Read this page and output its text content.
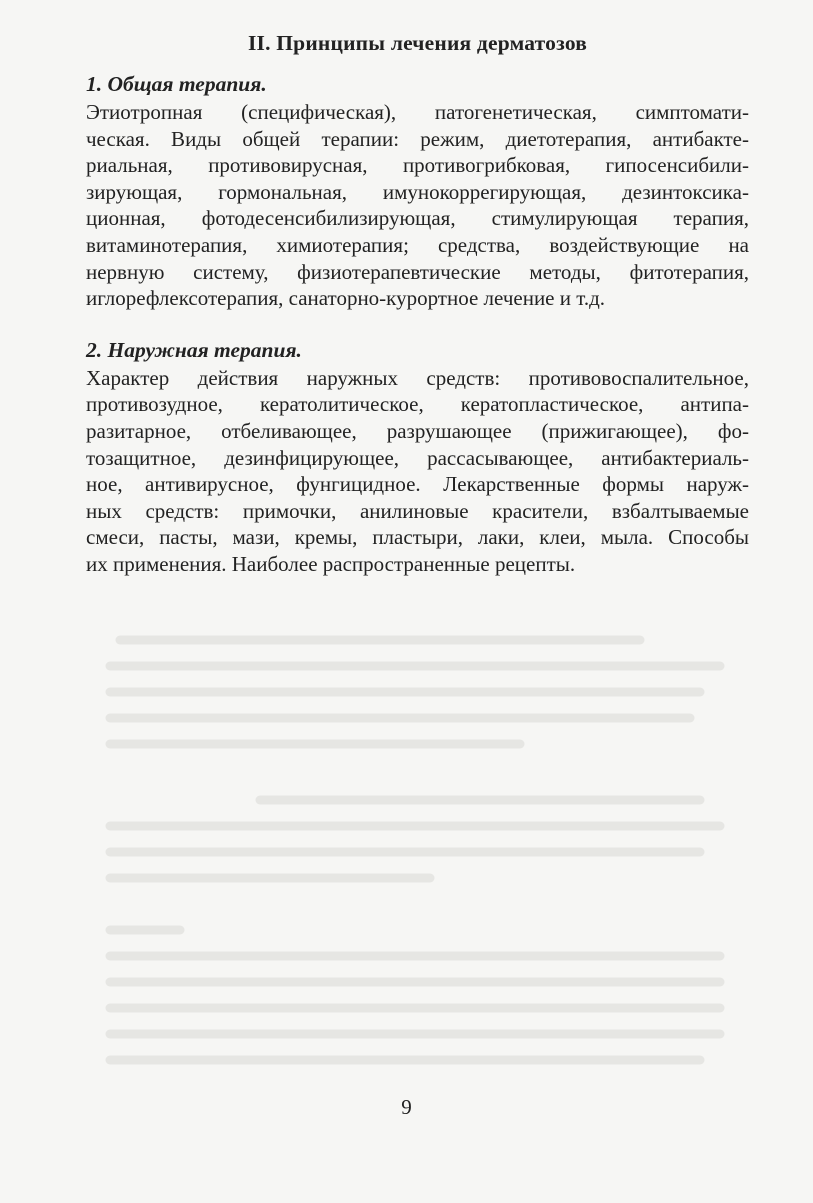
II. Принципы лечения дерматозов
1. Общая терапия.

Этиотропная (специфическая), патогенетическая, симптомати-
ческая. Виды общей терапии: режим, диетотерапия, антибакте-
риальная, противовирусная, противогрибковая, гипосенсибили-
зирующая, гормональная, имунокоррегирующая, дезинтоксика-
ционная, фотодесенсибилизирующая, стимулирующая терапия,
витаминотерапия, химиотерапия; средства, воздействующие на
нервную систему, физиотерапевтические методы, фитотерапия,
иглорефлексотерапия, санаторно-курортное лечение и т.д.

2. Наружная терапия.

Характер действия наружных средств: противовоспалительное,
противозудное, кератолитическое, кератопластическое, антипа-
разитарное, отбеливающее, разрушающее (прижигающее), фо-
тозащитное, дезинфицирующее, рассасывающее, антибактериаль-
ное, антивирусное, фунгицидное. Лекарственные формы наруж-
ных средств: примочки, анилиновые красители, взбалтываемые
смеси, пасты, мази, кремы, пластыри, лаки, клеи, мыла. Способы
их применения. Наиболее распространенные рецепты.

9
